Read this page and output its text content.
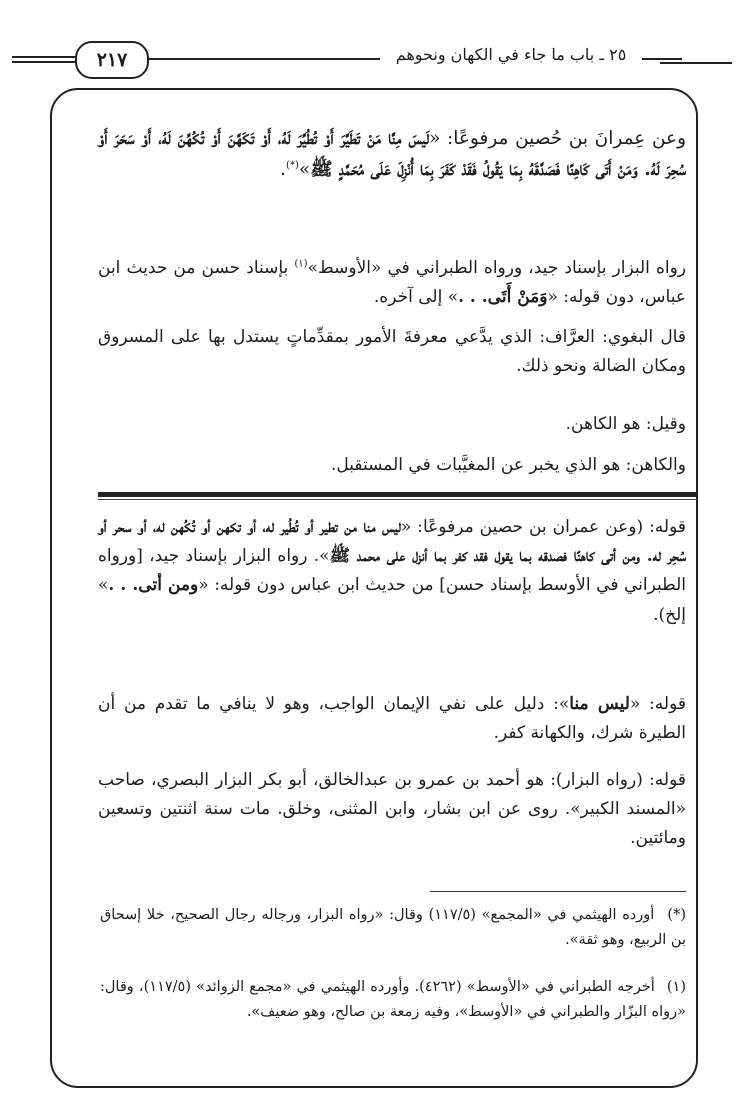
٢١٧	٢٥ ـ باب ما جاء في الكهان ونحوهم
وعن عِمرانَ بن حُصين مرفوعًا: «لَيسَ مِنَّا مَنْ تَطَيَّرَ أَوْ تُطُيِّرَ لَهُ، أَوْ تَكَهَّنَ أَوْ تُكُهِّنَ لَهُ، أَوْ سَحَرَ أَوْ سُحِرَ لَهُ. وَمَنْ أَتَى كَاهِنًا فَصَدَّقَهُ بِمَا يَقُولُ فَقَدْ كَفَرَ بِمَا أُنْزِلَ عَلَى مُحَمَّدٍ ﷺ»(*).
رواه البزار بإسناد جيد، ورواه الطبراني في «الأوسط»$^{(١)}$ بإسناد حسن من حديث ابن عباس، دون قوله: «وَمَنْ أَتَى. . .» إلى آخره.
قال البغوي: العرَّاف: الذي يدَّعي معرفةَ الأمور بمقدِّماتٍ يستدل بها على المسروق ومكان الضالة ونحو ذلك.
وقيل: هو الكاهن.
والكاهن: هو الذي يخبر عن المغيَّبات في المستقبل.
قوله: (وعن عمران بن حصين مرفوعًا: «ليس منا من تطير أو تُطُير له، أو تكهن أو تُكُهن له، أو سحر أو سُحِر له. ومن أتى كاهنًا فصدقه بما يقول فقد كفر بما أنزل على محمد ﷺ». رواه البزار بإسناد جيد، [ورواه الطبراني في الأوسط بإسناد حسن] من حديث ابن عباس دون قوله: «ومن أتى. . .» إلخ).
قوله: «ليس منا»: دليل على نفي الإيمان الواجب، وهو لا ينافي ما تقدم من أن الطيرة شرك، والكهانة كفر.
قوله: (رواه البزار): هو أحمد بن عمرو بن عبدالخالق، أبو بكر البزار البصري، صاحب «المسند الكبير». روى عن ابن بشار، وابن المثنى، وخلق. مات سنة اثنتين وتسعين ومائتين.
(*) أورده الهيثمي في «المجمع» (١١٧/٥) وقال: «رواه البزار، ورجاله رجال الصحيح، خلا إسحاق بن الربيع، وهو ثقة».
(١) أخرجه الطبراني في «الأوسط» (٤٢٦٢). وأورده الهيثمي في «مجمع الزوائد» (١١٧/٥)، وقال: «رواه البزّار والطبراني في «الأوسط»، وفيه زمعة بن صالح، وهو ضعيف».
